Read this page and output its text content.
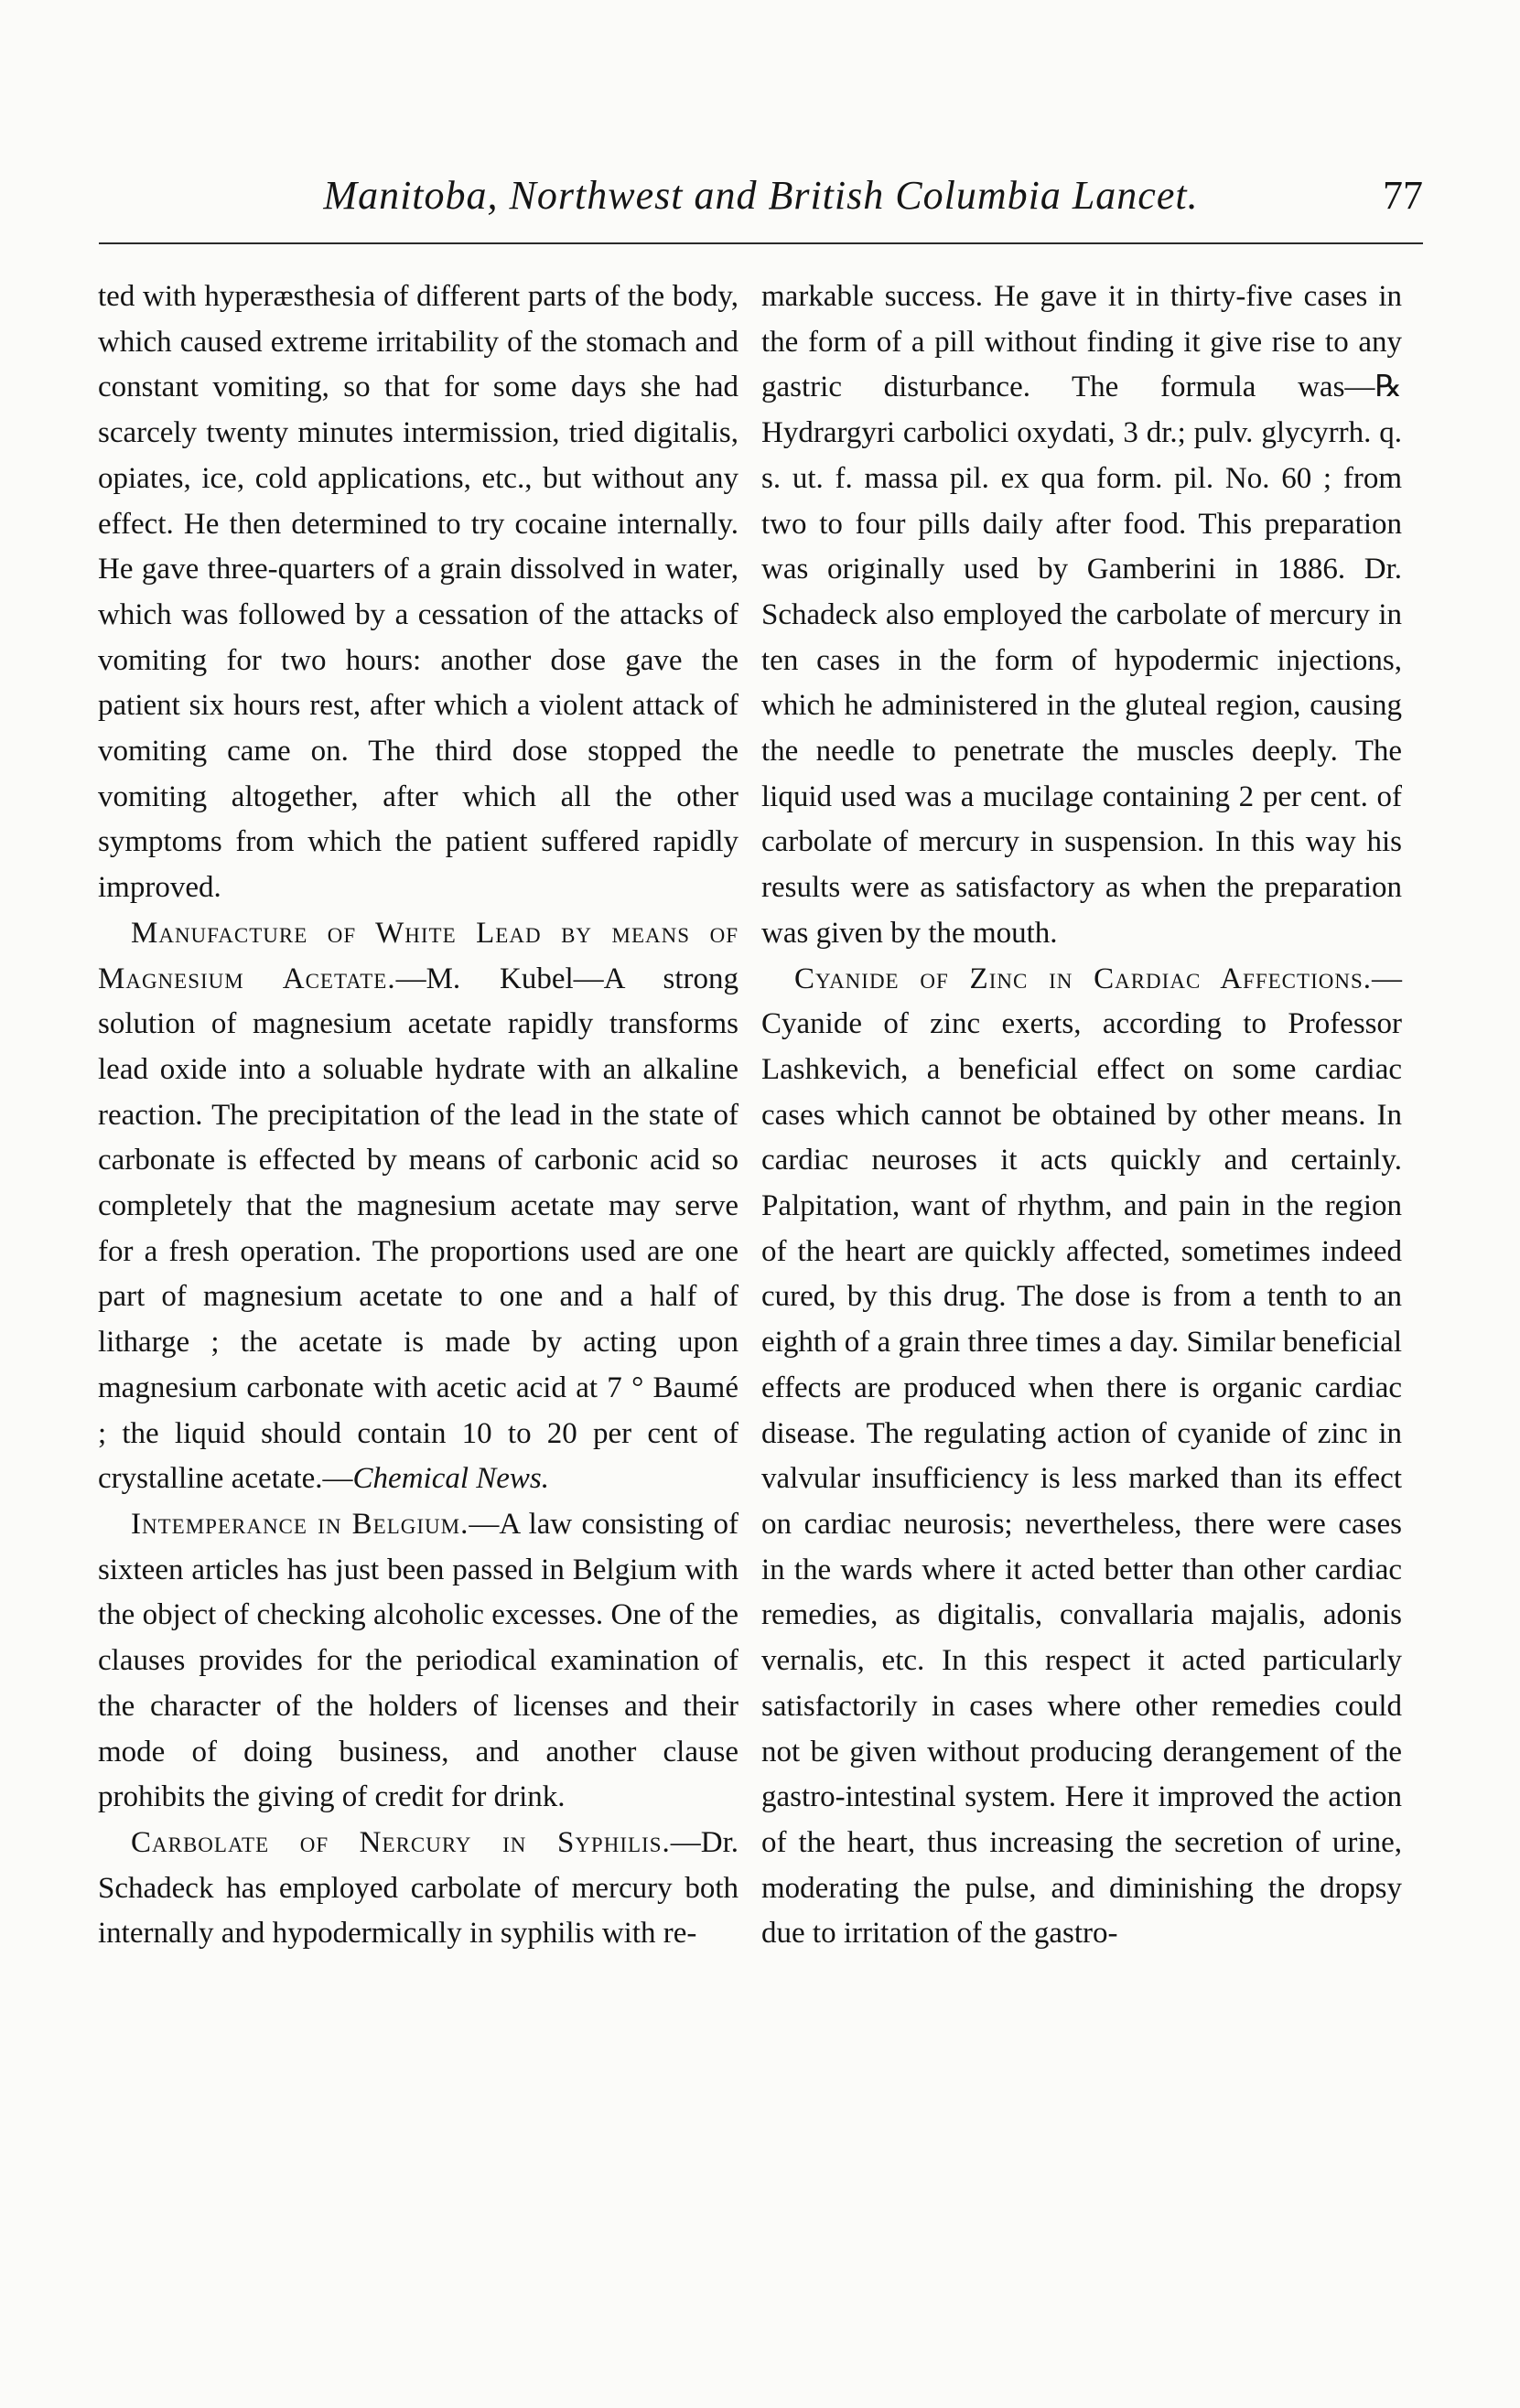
Manitoba, Northwest and British Columbia Lancet.	77

ted with hyperæsthesia of different parts of the body, which caused extreme irritability of the stomach and constant vomiting, so that for some days she had scarcely twenty minutes intermission, tried digitalis, opiates, ice, cold applications, etc., but without any effect. He then determined to try cocaine internally. He gave three-quarters of a grain dissolved in water, which was followed by a cessation of the attacks of vomiting for two hours: another dose gave the patient six hours rest, after which a violent attack of vomiting came on. The third dose stopped the vomiting altogether, after which all the other symptoms from which the patient suffered rapidly improved.

Manufacture of White Lead by means of Magnesium Acetate.—M. Kubel—A strong solution of magnesium acetate rapidly transforms lead oxide into a soluable hydrate with an alkaline reaction. The precipitation of the lead in the state of carbonate is effected by means of carbonic acid so completely that the magnesium acetate may serve for a fresh operation. The proportions used are one part of magnesium acetate to one and a half of litharge ; the acetate is made by acting upon magnesium carbonate with acetic acid at 7 ° Baumé ; the liquid should contain 10 to 20 per cent of crystalline acetate.—Chemical News.

Intemperance in Belgium.—A law consisting of sixteen articles has just been passed in Belgium with the object of checking alcoholic excesses. One of the clauses provides for the periodical examination of the character of the holders of licenses and their mode of doing business, and another clause prohibits the giving of credit for drink.

Carbolate of Nercury in Syphilis.—Dr. Schadeck has employed carbolate of mercury both internally and hypodermically in syphilis with re-

markable success. He gave it in thirty-five cases in the form of a pill without finding it give rise to any gastric disturbance. The formula was—℞ Hydrargyri carbolici oxydati, 3 dr.; pulv. glycyrrh. q. s. ut. f. massa pil. ex qua form. pil. No. 60 ; from two to four pills daily after food. This preparation was originally used by Gamberini in 1886. Dr. Schadeck also employed the carbolate of mercury in ten cases in the form of hypodermic injections, which he administered in the gluteal region, causing the needle to penetrate the muscles deeply. The liquid used was a mucilage containing 2 per cent. of carbolate of mercury in suspension. In this way his results were as satisfactory as when the preparation was given by the mouth.

Cyanide of Zinc in Cardiac Affections.—Cyanide of zinc exerts, according to Professor Lashkevich, a beneficial effect on some cardiac cases which cannot be obtained by other means. In cardiac neuroses it acts quickly and certainly. Palpitation, want of rhythm, and pain in the region of the heart are quickly affected, sometimes indeed cured, by this drug. The dose is from a tenth to an eighth of a grain three times a day. Similar beneficial effects are produced when there is organic cardiac disease. The regulating action of cyanide of zinc in valvular insufficiency is less marked than its effect on cardiac neurosis; nevertheless, there were cases in the wards where it acted better than other cardiac remedies, as digitalis, convallaria majalis, adonis vernalis, etc. In this respect it acted particularly satisfactorily in cases where other remedies could not be given without producing derangement of the gastro-intestinal system. Here it improved the action of the heart, thus increasing the secretion of urine, moderating the pulse, and diminishing the dropsy due to irritation of the gastro-
